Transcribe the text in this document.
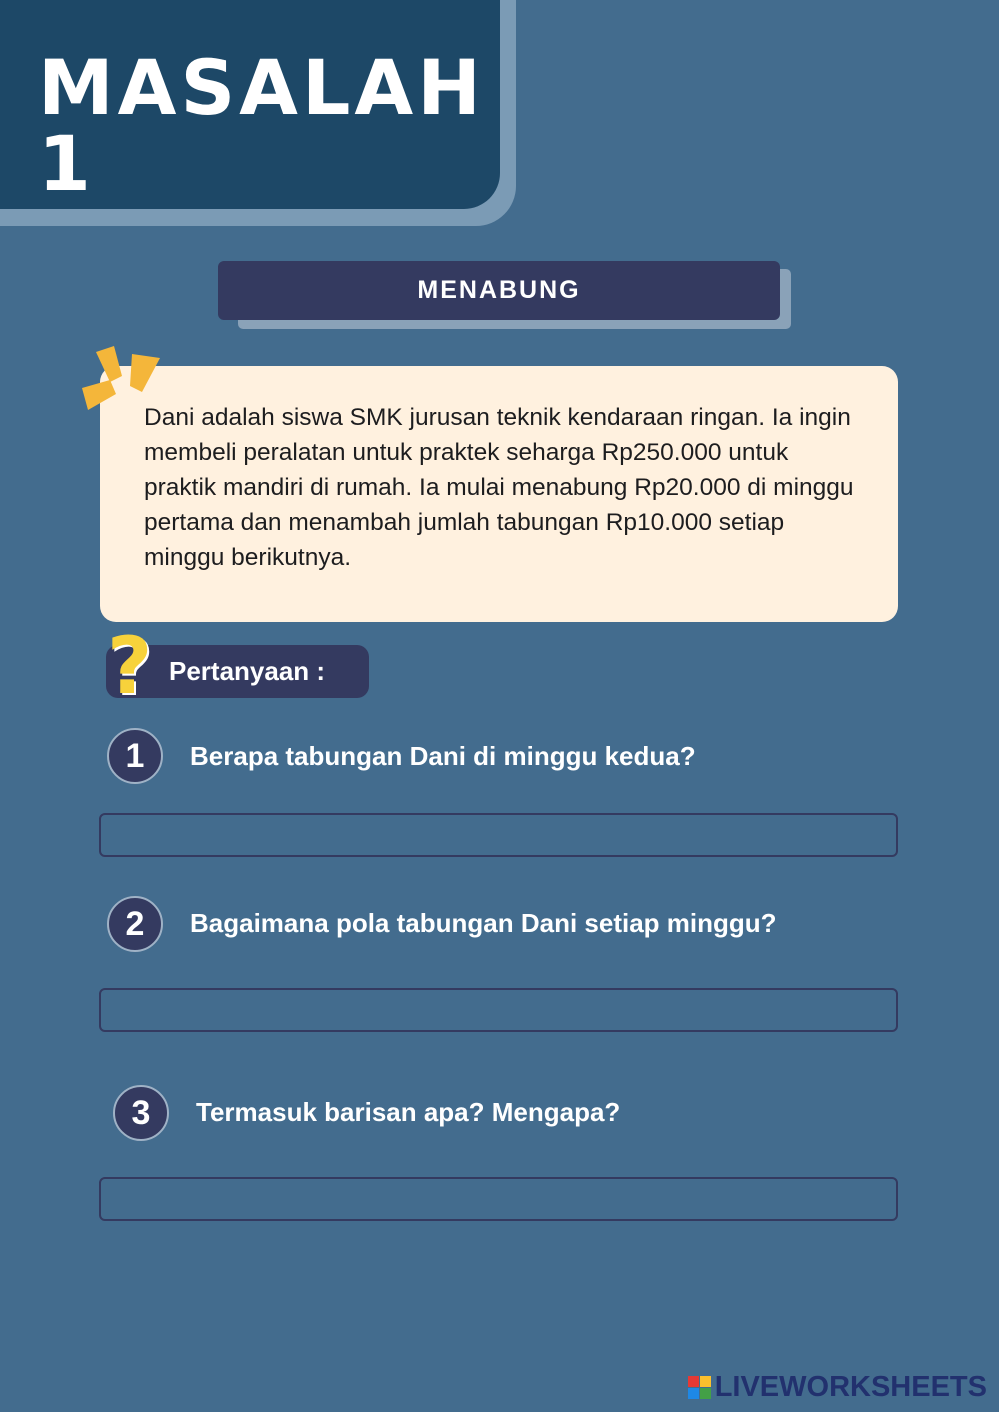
MASALAH 1
MENABUNG

Dani adalah siswa SMK jurusan teknik kendaraan ringan. Ia ingin membeli peralatan untuk praktek seharga Rp250.000 untuk praktik mandiri di rumah. Ia mulai menabung Rp20.000 di minggu pertama dan menambah jumlah tabungan Rp10.000 setiap minggu berikutnya.

Pertanyaan :
?
1	Berapa tabungan Dani di minggu kedua?
2	Bagaimana pola tabungan Dani setiap minggu?
3	Termasuk barisan apa? Mengapa?
LIVEWORKSHEETS
